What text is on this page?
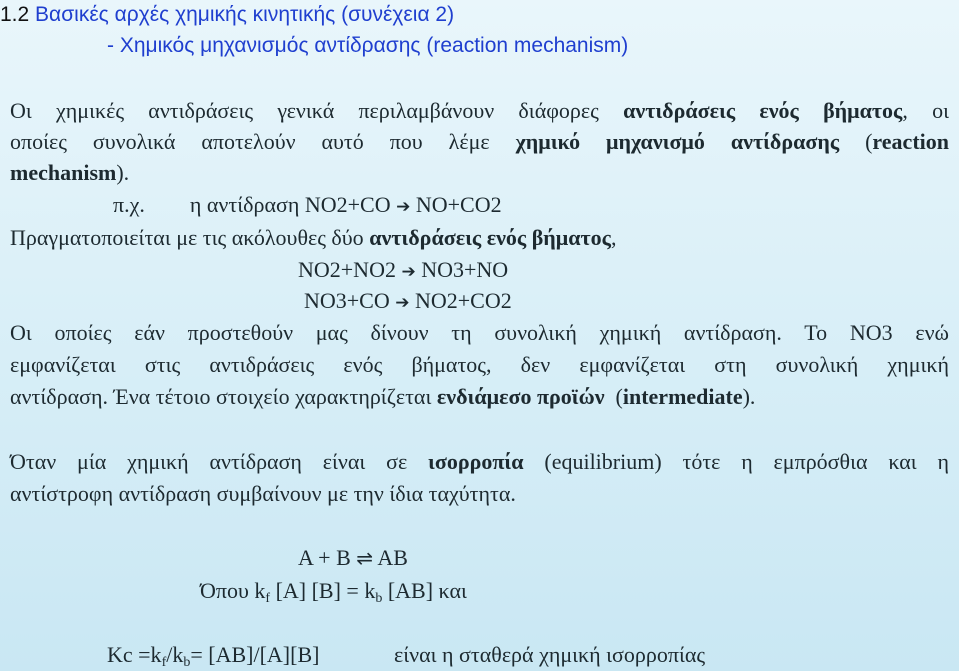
1.2 Βασικές αρχές χημικής κινητικής (συνέχεια 2)
- Χημικός μηχανισμός αντίδρασης (reaction mechanism)
Οι χημικές αντιδράσεις γενικά περιλαμβάνουν διάφορες αντιδράσεις ενός βήματος, οι
οποίες συνολικά αποτελούν αυτό που λέμε χημικό μηχανισμό αντίδρασης (reaction
mechanism).
π.χ. η αντίδραση NO2+CO ➔ NO+CO2
Πραγματοποιείται με τις ακόλουθες δύο αντιδράσεις ενός βήματος,
NO2+NO2 ➔ NO3+NO
NO3+CO ➔ NO2+CO2
Οι οποίες εάν προστεθούν μας δίνουν τη συνολική χημική αντίδραση. Το NO3 ενώ
εμφανίζεται στις αντιδράσεις ενός βήματος, δεν εμφανίζεται στη συνολική χημική
αντίδραση. Ένα τέτοιο στοιχείο χαρακτηρίζεται ενδιάμεσο προϊών  (intermediate).
Όταν μία χημική αντίδραση είναι σε ισορροπία (equilibrium) τότε η εμπρόσθια και η
αντίστροφη αντίδραση συμβαίνουν με την ίδια ταχύτητα.
A + B ⇌ AB
Όπου $k_f$ [A] $[B] = k_b$ [AB] και
$Kc =k_f/k_b= [AB]/[A][B]$	είναι η σταθερά χημική ισορροπίας
